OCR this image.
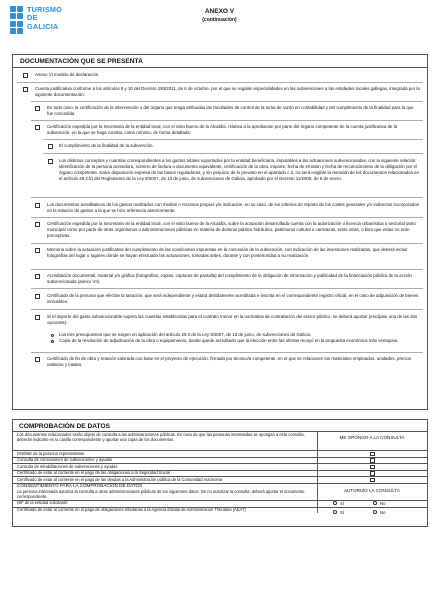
TURISMO
DE
GALICIA
ANEXO V
(continuación)
DOCUMENTACIÓN QUE SE PRESENTA
Anexo VI modelo de declaración.
Cuenta justificativa conforme a los artículos 8 y 10 del Decreto 193/2011, de 6 de octubre, por el que se regulan especialidades en las subvenciones a las entidades locales gallegas, integrada por la siguiente documentación:
En todo caso, la certificación de la intervención o del órgano que tenga atribuidas las facultades de control de la toma de razón en contabilidad y del cumplimiento de la finalidad para la que fue concedida.
Certificación expedida por la Secretaría de la entidad local, con el visto bueno de la Alcaldía, relativa a la aprobación por parte del órgano competente de la cuenta justificativa de la subvención, en la que se haga constar, como mínimo, de forma detallada:
El cumplimiento de la finalidad de la subvención.
Los distintos conceptos y cuantías correspondientes a los gastos totales soportados por la entidad beneficiaria, imputables a las actuaciones subvencionadas, con la siguiente relación: identificación de la persona acreedora, número de factura o documento equivalente, certificación de la obra, importe, fecha de emisión y fecha de reconocimiento de la obligación por el órgano competente. Salvo disposición expresa de las bases reguladoras, y sin perjuicio de lo previsto en el apartado c.3, no será exigible la remisión de los documentos relacionados en el artículo 48.2.b) del Reglamento de la Ley 9/2007, de 13 de junio, de subvenciones de Galicia, aprobado por el Decreto 11/2009, de 8 de enero.
Los documentos acreditativos de los gastos realizados con medios o recursos propios y/a indicación, en su caso, de los criterios de reparto de los costes generales y/o indirectos incorporados en la relación de gastos a la que se hizo referencia anteriormente.
Certificación expedida por la Secretaría de la entidad local, con el visto bueno de la Alcaldía, sobre la actuación desarrollada cuenta con la autorización o licencia urbanística o sectorial tanto municipal como por parte de otras organismos o administraciones públicas en materia de dominio público hidráulico, patrimonio cultural o carreteras, entre otras, o bien que estas no eran preceptivas.
Memoria sobre la actuación justificativa del cumplimiento de las condiciones impuestas en la concesión de la subvención, con indicación de las inversiones realizadas, que deberá incluir fotografías del lugar o lugares donde se hayan efectuado las actuaciones, tomadas antes, durante y con posterioridad a su realización.
Acreditación documental, material y/o gráfica (fotografías, copias, capturas de pantalla) del cumplimiento de la obligación de información y publicidad de la financiación pública de la acción subvencionada (anexo VII).
Certificado de la persona que efectúe la tasación, que será independiente y estará debidamente acreditada e inscrita en el correspondiente registro oficial, en el caso de adquisición de bienes inmuebles.
Si el importe del gasto subvencionable supera las cuantías establecidas para el contrato menor en la normativa de contratación del sector público, se deberá aportar (escójase una de las dos opciones):
Los tres presupuestos que se exigen en aplicación del artículo 29.3 de la Ley 9/2007, de 13 de junio, de subvenciones de Galicia.
Copia de la resolución de adjudicación de la obra o equipamiento, donde quede acreditado que la elección entre las ofertas recayó en la propuesta económica más ventajosa.
Certificado de fin de obra y relación valorada con base en el proyecto de ejecución, firmada por técnico/a competente, en el que se relacionen los materiales empleados, unidades, precios unitarios y totales.
COMPROBACIÓN DE DATOS
Los documentos relacionados serán objeto de consulta a las administraciones públicas. En caso de que las personas interesadas se opongan a esta consulta, deberán indicarlo en la casilla correspondiente y aportar una copia de los documentos.	ME OPONGO A LA CONSULTA
DNI/NIE de la persona representante
Consulta de concesiones de subvenciones y ayudas
Consulta de inhabilitaciones de subvenciones y ayudas
Certificado de estar al corriente en el pago de las obligaciones a la Seguridad Social
Certificado de estar al corriente en el pago de las deudas a la Administración pública de la Comunidad Autónoma
CONSENTIMIENTO PARA LA COMPROBACIÓN DE DATOS
La persona interesada autoriza la consulta a otras administraciones públicas de los siguientes datos. De no autorizar la consulta, deberá aportar el documento correspondiente.
AUTORIZO LA CONSULTA
NIF de la entidad solicitante	Sí	No
Certificado de estar al corriente en el pago de obligaciones tributarias a la Agencia Estatal de Administración Tributaria (AEAT)	Sí	No
